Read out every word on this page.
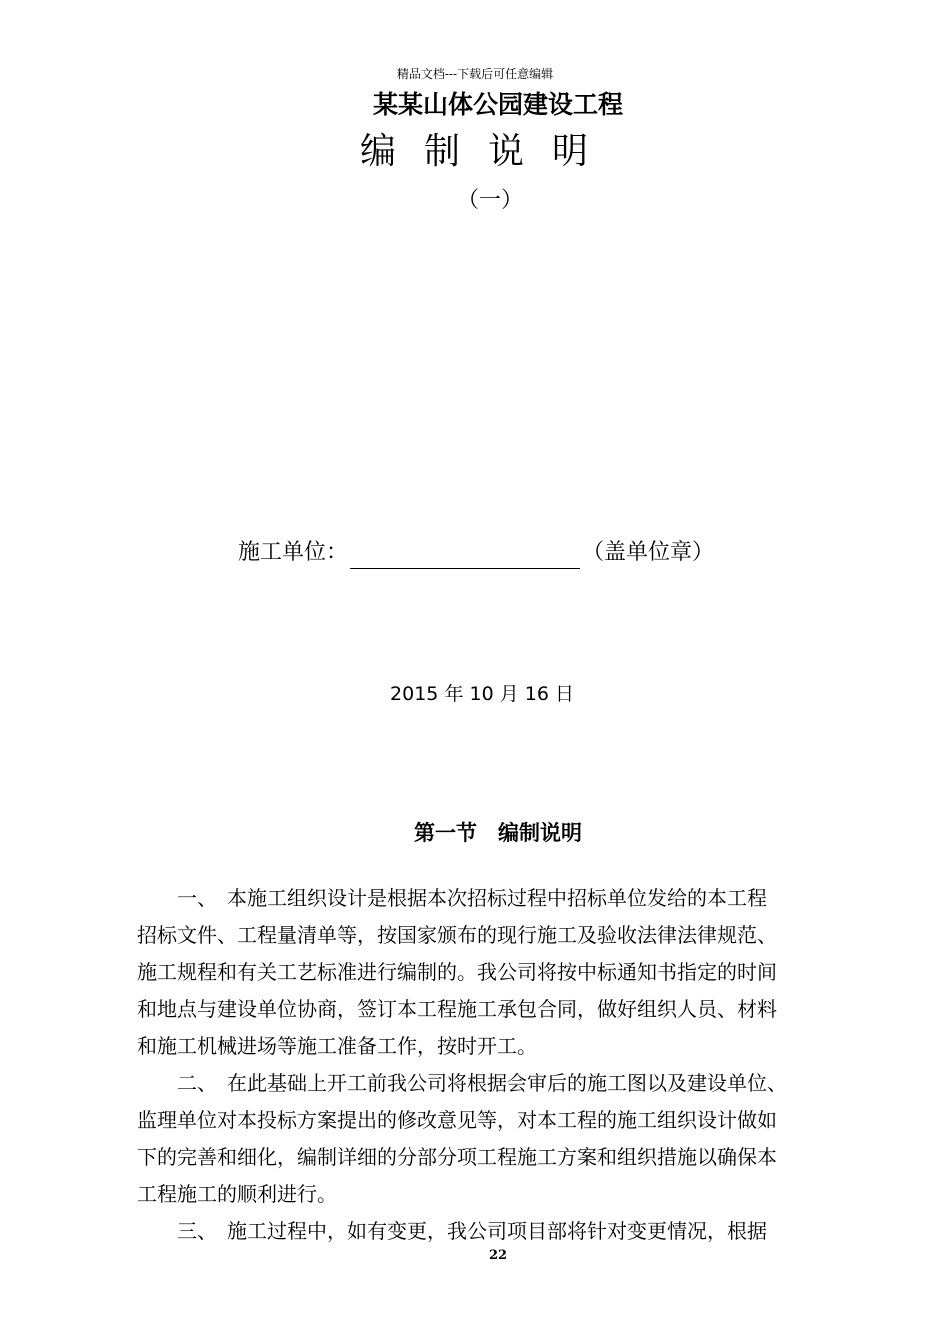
精品文档---下载后可任意编辑
某某山体公园建设工程
编制说明
（一）
施工单位：	（盖单位章）
2015 年 10 月 16 日
第一节　编制说明
　　一、　本施工组织设计是根据本次招标过程中招标单位发给的本工程
招标文件、工程量清单等，按国家颁布的现行施工及验收法律法律规范、
施工规程和有关工艺标准进行编制的。我公司将按中标通知书指定的时间
和地点与建设单位协商，签订本工程施工承包合同，做好组织人员、材料
和施工机械进场等施工准备工作，按时开工。
　　二、　在此基础上开工前我公司将根据会审后的施工图以及建设单位、
监理单位对本投标方案提出的修改意见等，对本工程的施工组织设计做如
下的完善和细化，编制详细的分部分项工程施工方案和组织措施以确保本
工程施工的顺利进行。
　　三、　施工过程中，如有变更，我公司项目部将针对变更情况，根据
22
